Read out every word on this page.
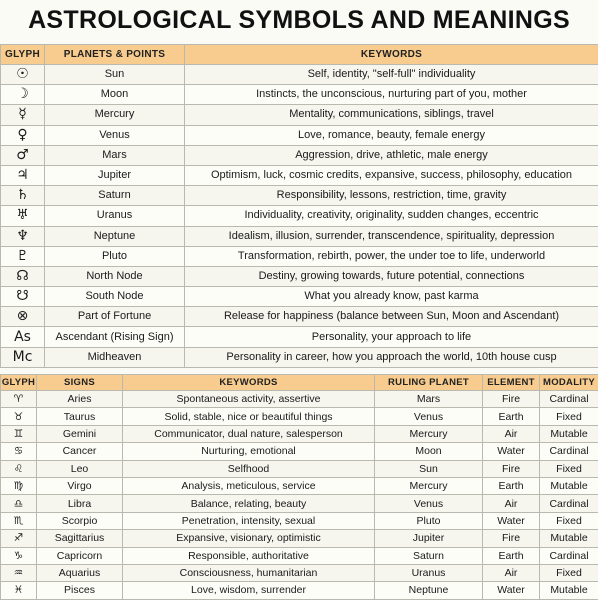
ASTROLOGICAL SYMBOLS AND MEANINGS
GLYPH	PLANETS & POINTS	KEYWORDS
☉	Sun	Self, identity, "self-full" individuality
☽	Moon	Instincts, the unconscious, nurturing part of you, mother
☿	Mercury	Mentality, communications, siblings, travel
♀	Venus	Love, romance, beauty, female energy
♂	Mars	Aggression, drive, athletic, male energy
♃	Jupiter	Optimism, luck, cosmic credits, expansive, success, philosophy, education
♄	Saturn	Responsibility, lessons, restriction, time, gravity
♅	Uranus	Individuality, creativity, originality, sudden changes, eccentric
♆	Neptune	Idealism, illusion, surrender, transcendence, spirituality, depression
♇	Pluto	Transformation, rebirth, power, the under toe to life, underworld
☊	North Node	Destiny, growing towards, future potential, connections
☋	South Node	What you already know, past karma
⊗	Part of Fortune	Release for happiness (balance between Sun, Moon and Ascendant)
As	Ascendant (Rising Sign)	Personality, your approach to life
Mc	Midheaven	Personality in career, how you approach the world, 10th house cusp
GLYPH	SIGNS	KEYWORDS	RULING PLANET	ELEMENT	MODALITY
♈	Aries	Spontaneous activity, assertive	Mars	Fire	Cardinal
♉	Taurus	Solid, stable, nice or beautiful things	Venus	Earth	Fixed
♊	Gemini	Communicator, dual nature, salesperson	Mercury	Air	Mutable
♋	Cancer	Nurturing, emotional	Moon	Water	Cardinal
♌	Leo	Selfhood	Sun	Fire	Fixed
♍	Virgo	Analysis, meticulous, service	Mercury	Earth	Mutable
♎	Libra	Balance, relating, beauty	Venus	Air	Cardinal
♏	Scorpio	Penetration, intensity, sexual	Pluto	Water	Fixed
♐	Sagittarius	Expansive, visionary, optimistic	Jupiter	Fire	Mutable
♑	Capricorn	Responsible, authoritative	Saturn	Earth	Cardinal
♒	Aquarius	Consciousness, humanitarian	Uranus	Air	Fixed
♓	Pisces	Love, wisdom, surrender	Neptune	Water	Mutable
